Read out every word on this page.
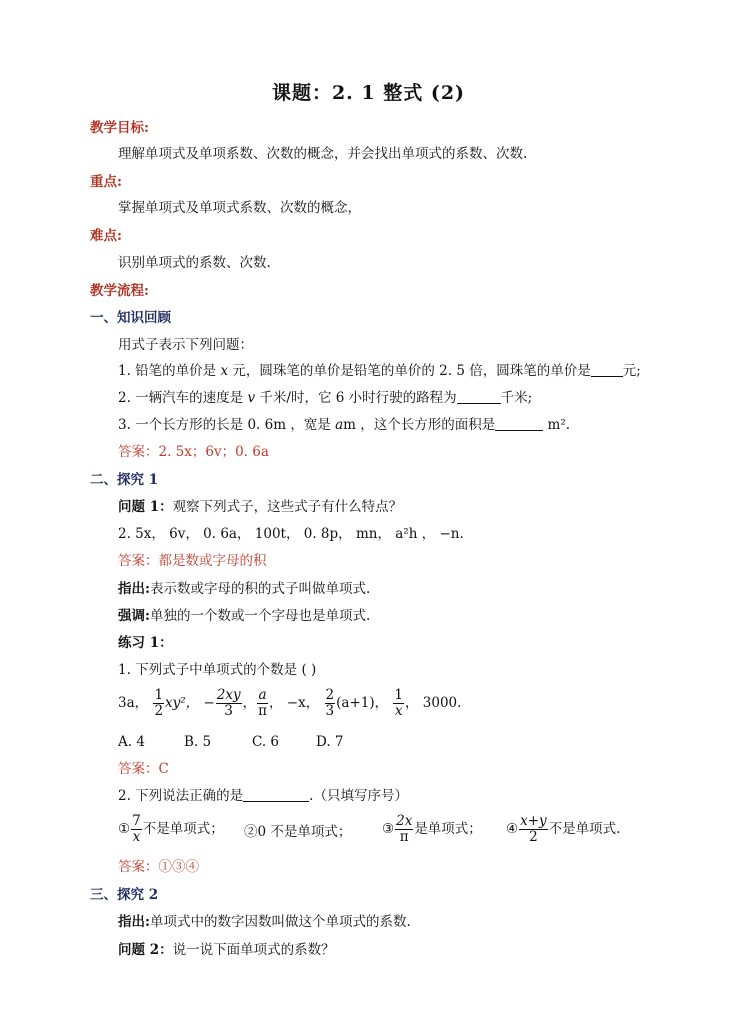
课题：2. 1 整式 (2)
教学目标:
理解单项式及单项系数、次数的概念，并会找出单项式的系数、次数.
重点:
掌握单项式及单项式系数、次数的概念，
难点:
识别单项式的系数、次数.
教学流程:
一、知识回顾
用式子表示下列问题：
1. 铅笔的单价是 x 元，圆珠笔的单价是铅笔的单价的 2. 5 倍，圆珠笔的单价是 元;
2. 一辆汽车的速度是 v 千米/时，它 6 小时行驶的路程为	千米;
3. 一个长方形的长是 0. 6m ，宽是 am ，这个长方形的面积是	m².
答案：2. 5x；6v；0. 6a
二、探究 1
问题 1：观察下列式子，这些式子有什么特点？
2. 5x， 6v， 0. 6a， 100t， 0. 8p， mn， a²h ， −n.
答案：都是数或字母的积
指出:表示数或字母的积的式子叫做单项式.
强调:单独的一个数或一个字母也是单项式.
练习 1：
1. 下列式子中单项式的个数是 ( )
3a， $\frac{1}{2} xy^2$， − $\frac{2xy}{3}$ ， $\frac{a}{\pi}$ ， −x， $\frac{2}{3} (a+1)$， $\frac{1}{x}$ ， 3000.
A. 4	B. 5	C. 6	D. 7
答案：C
2. 下列说法正确的是	.（只填写序号）
① $\frac{7}{x}$ 不是单项式； ②0 不是单项式； ③ $\frac{2x}{\pi}$ 是单项式； ④ $\frac{x+y}{2}$ 不是单项式.
答案：①③④
三、探究 2
指出:单项式中的数字因数叫做这个单项式的系数.
问题 2：说一说下面单项式的系数？
